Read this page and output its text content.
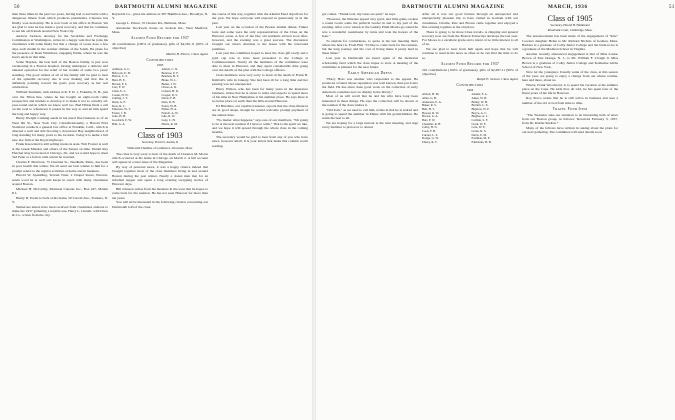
50	DARTMOUTH ALUMNI MAGAZINE

than three times in the past two years, having had a real battle with a dangerous illness from which produces pneumonia. Clarence has finally won decisively. He is now back at his office in Boston. We are glad to note he has made a good recovery, and that he continues to see his old friends around New York City.

Andrew Jackson, attorney for the Securities and Exchange Commission at Washington, writes in a happy vein that he joins his classmates with some likely but that a change of scene does a few days each month in the warmer climate of the South. He plans for the presence of Dean Whitmore, engaging Eddie, where he was the host's uncle in that time.

Some Hayden, the best half of the Boston family, is just now vacationing in a Boston hospital, having undergone a delicate and unusual operation for the relief of her trouble of some two years' standing. The good wishes of all of the family will be glad to hear of the splendid recovery she is now making and that she is definitely pointing toward the goals your recovery as her real celebration.

William Turnham, with address at R. F. D. 1, Franklin, N. H., just over the Tilton line, where he has bought an eight-room camp prospective and intends to develop it to make it not so actually all-year-round and in which we know well too. Bud Hilton finds a call on the road to whomever it passes in the way to and let him spend the long and happy way.

Henry Dwight Cushing sends in his usual fine business as of an West 9th St., New York City. Classificationally, a Harold Fritz Stoddard conducts a general law office at Franklin, Calif., which is directed a well and still favoring a downtown Bay neighborhood of long standing for many years to his location. Today it is under a full new law firm at the Royal highways.

Frank Knowland is still selling trucks in Asia. Wm Fowler is well at the Greek Mission and others of the Sunset on time. Daniel Ray Fletcher may be located at Chicago, Ill., and we would hope to meet Ted Fenn or a fellow with whom he traveled.

Charles F. Morrison, 75 Chestnut St., Needham, Mass., has been in poor health this winter. We all send our best wishes to him for a prompt return to the regular activities at home and in business.

Harold W. Spaulding, Terrain Trust, 2 Chapel Street, Newton, sends word he is well and keeps in touch with many classmates around Boston.

Michael H. McCarthy, Montreal Canada, Inc., Box 247, Manila P. I.

Henry D. Porter is back at his home, 50 Carroll Ave., Yonkers, N. Y.

Numerous letters have been received from classmates anxious to make the 1937 gathering a notable one. Harry L. Linnell, with Drew & Co., writes from the city.

Reynolds Co., gives his address as 387 Hamilton Ave., Brooklyn, N. Y.

George L. Prince, 55 Chester Rd., Belmont, Mass.

Alexander Stockwell, house on Jackson Rd., West Medford, Mass.

Alumni Fund Record for 1937

49 contributions (100% of graduates), gifts of $4,581.11 (80% of objective)

Martin B. Pierce, Class Agent
Contributors
1903
Addison, A. C.	Abbott, C. N.
Babcock, E. H.	Barstow, E. F.
Barton, C. S.	Beaman, B. T.
Bent, H. E.	Blake, W. L.
Brown, F. S.	Burke, J. W.
Carr, F. W.	Chase, A. R.
Clark, E. L.	Coburn, H. R.
Cooke, H. W.	Cooper, R. S.
Cutting, J. T.	Davis, F. H.
Dean, A. F.	Dole, R. B.
Dow, R. C.	Eaton, W. B.
Emerson, W. T.	Fisher, H. A.
Foster, J. B.	French, A. W.
Gale, H. H.	Gile, R. W.
Goodrich, E. W.	Gray, C. H.
Hall, G. A.	Harris, R. M.
Class of 1903
Secretary, David S. Austin, II
Whitcomb Chamber of Commerce, Worcester, Mass.

The class is very sorry to hear of the death of Clarence M. Morse which occurred at his home in Chicago on March 2. A full account will appear in a later issue of the Magazine.

By way of personal news, it was a happy chance indeed that brought together most of the class members living in and around Boston during the past winter. Nearly a dozen men met for an informal supper and spent a long evening swapping stories of Hanover days.

Bill Johnson writes from his business in the west that he hopes to come back for the reunion. He has not seen Hanover for more than ten years.

You will all be interested in the following circular concerning our Dartmouth Gift of the class.

the course of this way, together with the Alumni Fund objectives for the year. We hope everyone will respond as generously as in the past.

Last year on the occasion of the Boston alumni dinner, Tinker Gale and some were the only representatives of the Class on the Hanover scene. A few of the fine old residents arrived soon after, however, and the evening was a great success. The discussion brought our class's attention to the house with the renovated premises.

Last year the committee hoped to have the class gift ready and a gold cup was to have been presented to the College at Commencement. Nearly all the members of the committee were able to meet in Hanover, and they spent considerable time going over the details of the plan with the College officers.

Class members were very sorry to learn of the death of Frank B. Kimball's wife in January. She had been ill for a long time and her passing was not unexpected.

Harry Wilson, who has been for many years in the insurance business, writes that he is about to retire and expects to spend more of his time in New Hampshire at his summer place. He says there is no better place on earth than the hills around Hanover.

Ed Hutchins, our capable treasurer, reports that the class finances are in good shape, though he would welcome prompt payment of the annual dues.

"No matter what happens," says one of our members, "I'm going to be at the next reunion if I have to walk." That is the spirit we like, and we hope it will spread through the whole class in the coming months.

The secretary would be glad to hear from any of you who have news, however small. It is your letters that make this column worth reading.

DARTMOUTH ALUMNI MAGAZINE	MARCH, 1936	51

got comes. "Thank God, my taxes are paid," he says.

"However, the illiterate appeal very good, and little gains, reckon a round Gown some the political border in and to my part of the evening. After a low whack at the Gadsby Plum Morris-go-round he was a wonderful toastmaster by turns and took the honors of the hour."

To explain for contrariness, to quote at the last meeting that's where the heart is. From Bill, "I'd like to come back for the reunion, but the long journey and the cost of living make it pretty hard in these times."

Last year in Dartmouth we heard again of the memorial scholarship fund which the class hopes to start. A meeting of the committee is planned for the near future.

Early American Dress

"Harry Hoss was another who responded to the appeal. He produced a friend whose reputation was well known, then put it into the field. He has since done good work on the collection of early American costumes now on display in the library."

Most of us will recall that he and his wife have long been interested in these things. He says the collection will be shown at the reunion if the class wishes it.

"Old Tom," as we used to call him, writes in that he is retired and is going to spend the summer in Maine with his grandchildren. He sends his best to all.

We are hoping for a large turnout at the next meeting, and urge every member to plan now to attend.

After all it was our good fortune through an unexpected and unexpectedly pleasant trip to have visited in Gorham with our classmates. Charlie, Pete and Brown came together and enjoyed a fine evening together at the old place.

There is going to be more Class travels. A chipping and general recovery now are from the Boston Transcript develops the last year. For Moore is a excellent grade and a talent of no little interest to all of us.

We are glad to hear from him again and hope that he will continue to send in his news as often as he can find the time to do so.

Alumni Fund Record for 1937

210 contributions (100% of graduates), gifts of $2,287.11 (90% of objective)

Ralph E. Sexton, Class Agent
Contributors
1904
Abbott, H. M.	Adams, F. A.
Allen, G. B.	Ames, W. B.
Anderson, E. A.	Bailey, W. H.
Baker, R. S.	Bartlett, C. E.
Bell, H. T.	Bigelow, W. F.
Bowen, R. W.	Boyce, A. C.
Brown, G. A.	Bugbee, A. L.
Burr, F. W.	Carlisle, S. F.
Chandler, R. H.	Clark, W. F.
Colby, H. N.	Cole, W. E.
Cook, F. B.	Crane, R. S.
Currier, L. S.	Davis, E. M.
Dodge, G. W.	Eastman, M. F.
Emery, R. T.	Fairbanks, H. B.
Class of 1905
Secretary, Harold H. Hammond
Riverbank Court, Cambridge, Mass.

The announcement has been made of the engagement of "Kite" Cowan's daughter Helen to Mr. Richard Nichols of Goshen, Mass. Barbara is a graduate of Colby Junior College and the bride-to-be is a graduate of the Madison School in Virginia.

Another recently announced engagement is that of Miss Louise Brown of East Orange, N. J., to Mr. William F. Clough Jr. Miss Brown is a graduate of Colby Junior College and Katharine Gibbs School of New York.

Now let the youngster, Usually some of the class, at this season of the year, are going to enjoy a change from our winter routine, here and there, about us.

Where, Frank Woodward, is to spend his vacation at his summer place on the Cape. He adds that, all told, he has spent four of the finest years of his life in Hanover.

Roy Prevo writes that he is still active in business and sees a number of the old crowd from time to time.

Travel Fund Item

"The Treasurer asks our attention to an interesting item of news from our Boston group, as follows: 'Received February 3, 1937, from Dr. Kiddie Shelton.'"

Many of the fellows have written in asking about the plans for our next gathering. The committee will send details soon.
